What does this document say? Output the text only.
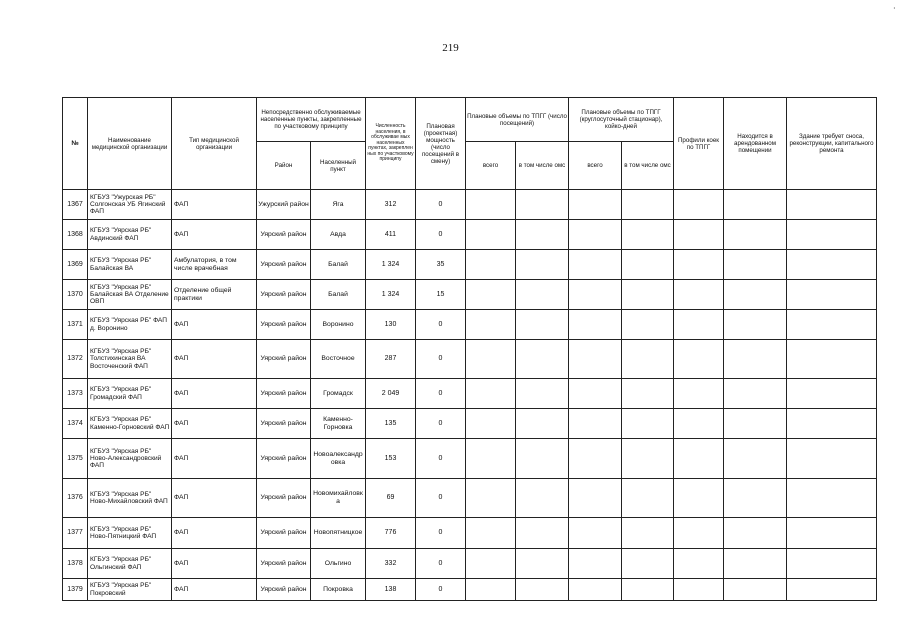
219
·
№	Наименование медицинской организации	Тип медицинской организации	Непосредственно обслуживаемые населенные пункты, закрепленные по участковому принципу		Численность населения, в обслуживае мых населенных пунктах, закреплен ных по участковому принципу	Плановая (проектная) мощность (число посещений в смену)	Плановые объемы по ТПГГ (число посещений)		Плановые объемы по ТПГГ (круглосуточный стационар), койко-дней		Профили коек по ТПГГ	Находится в арендованном помещении	Здание требует сноса, реконструкции, капитального ремонта
			Район	Населенный пункт			всего	в том числе омс	всего	в том числе омс			
1367	КГБУЗ "Ужурская РБ" Солгонская УБ Ягинский ФАП	ФАП	Ужурский район	Яга	312	0							
1368	КГБУЗ "Уярская РБ" Авдинский ФАП	ФАП	Уярский район	Авда	411	0							
1369	КГБУЗ "Уярская РБ" Балайская ВА	Амбулатория, в том числе врачебная	Уярский район	Балай	1 324	35							
1370	КГБУЗ "Уярская РБ" Балайская ВА Отделение ОВП	Отделение общей практики	Уярский район	Балай	1 324	15							
1371	КГБУЗ "Уярская РБ" ФАП д. Воронино	ФАП	Уярский район	Воронино	130	0							
1372	КГБУЗ "Уярская РБ" Толстихинская ВА Восточенский ФАП	ФАП	Уярский район	Восточное	287	0							
1373	КГБУЗ "Уярская РБ" Громадский ФАП	ФАП	Уярский район	Громадск	2 049	0							
1374	КГБУЗ "Уярская РБ" Каменно-Горновский ФАП	ФАП	Уярский район	Каменно-Горновка	135	0							
1375	КГБУЗ "Уярская РБ" Ново-Александровский ФАП	ФАП	Уярский район	Новоалександровка	153	0							
1376	КГБУЗ "Уярская РБ" Ново-Михайловский ФАП	ФАП	Уярский район	Новомихайловка	69	0							
1377	КГБУЗ "Уярская РБ" Ново-Пятницкий ФАП	ФАП	Уярский район	Новопятницкое	776	0							
1378	КГБУЗ "Уярская РБ" Ольгинский ФАП	ФАП	Уярский район	Ольгино	332	0							
1379	КГБУЗ "Уярская РБ" Покровский	ФАП	Уярский район	Покровка	138	0							
